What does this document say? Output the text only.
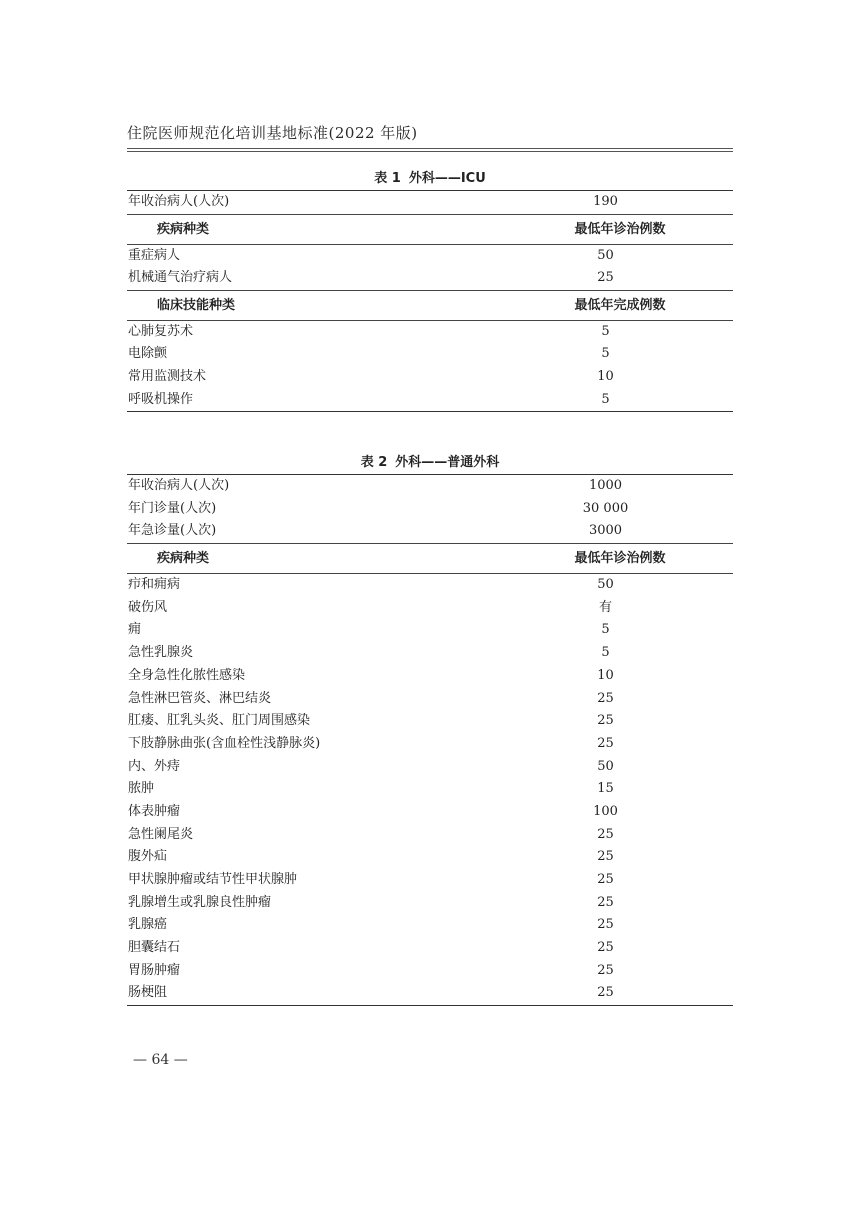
住院医师规范化培训基地标准(2022 年版)
表 1 外科——ICU
年收治病人(人次)	190
疾病种类	最低年诊治例数
重症病人	50
机械通气治疗病人	25
临床技能种类	最低年完成例数
心肺复苏术	5
电除颤	5
常用监测技术	10
呼吸机操作	5
表 2 外科——普通外科
年收治病人(人次)	1000
年门诊量(人次)	30 000
年急诊量(人次)	3000
疾病种类	最低年诊治例数
疖和痈病	50
破伤风	有
痈	5
急性乳腺炎	5
全身急性化脓性感染	10
急性淋巴管炎、淋巴结炎	25
肛瘘、肛乳头炎、肛门周围感染	25
下肢静脉曲张(含血栓性浅静脉炎)	25
内、外痔	50
脓肿	15
体表肿瘤	100
急性阑尾炎	25
腹外疝	25
甲状腺肿瘤或结节性甲状腺肿	25
乳腺增生或乳腺良性肿瘤	25
乳腺癌	25
胆囊结石	25
胃肠肿瘤	25
肠梗阻	25
— 64 —
